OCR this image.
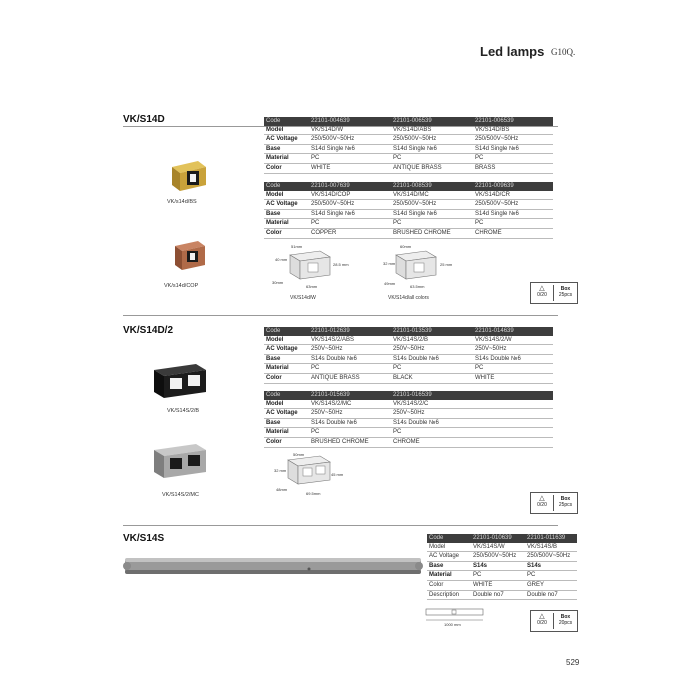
Led lamps G10Q.
VK/S14D	Code	22101-004639	22101-006539	22101-006539
Model	VK/S14D/W	VK/S14D/ABS	VK/S14D/BS
AC Voltage	250/500V~50Hz	250/500V~50Hz	250/500V~50Hz
Base	S14d Single №6	S14d Single №6	S14d Single №6
Material	PC	PC	PC
Color	WHITE	ANTIQUE BRASS	BRASS
Code	22101-007639	22101-008539	22101-009639
Model	VK/S14D/COP	VK/S14D/MC	VK/S14D/CR
AC Voltage	250/500V~50Hz	250/500V~50Hz	250/500V~50Hz
Base	S14d Single №6	S14d Single №6	S14d Single №6
Material	PC	PC	PC
Color	COPPER	BRUSHED CHROME	CHROME
VK/s14d/BS
VK/s14d/COP
51mm
30mm
63mm
40 mm
28.5 mm
VK/S14d/W
60mm
32 mm
49mm
63.5mm
25 mm
VK/S14d/all colors
△
0/20
Box
25pcs
VK/S14D/2	Code	22101-012639	22101-013539	22101-014639
Model	VK/S14S/2/ABS	VK/S14S/2/B	VK/S14S/2/W
AC Voltage	250V~50Hz	250V~50Hz	250V~50Hz
Base	S14s Double №6	S14s Double №6	S14s Double №6
Material	PC	PC	PC
Color	ANTIQUE BRASS	BLACK	WHITE
Code	22101-015639	22101-016539	
Model	VK/S14S/2/MC	VK/S14S/2/C	
AC Voltage	250V~50Hz	250V~50Hz	
Base	S14s Double №6	S14s Double №6	
Material	PC	PC	
Color	BRUSHED CHROME	CHROME	
VK/S14S/2/B
VK/S14S/2/MC
50mm
32 mm
48mm
69.5mm
45 mm
△
0/20
Box
25pcs
VK/S14S	Code	22101-010639	22101-011639
Model	VK/S14S/W	VK/S14S/B
AC Voltage	250/500V~50Hz	250/500V~50Hz
Base	S14s	S14s
Material	PC	PC
Color	WHITE	GREY
Description	Double no7	Double no7
1000 mm
△
0/20
Box
20pcs
529
